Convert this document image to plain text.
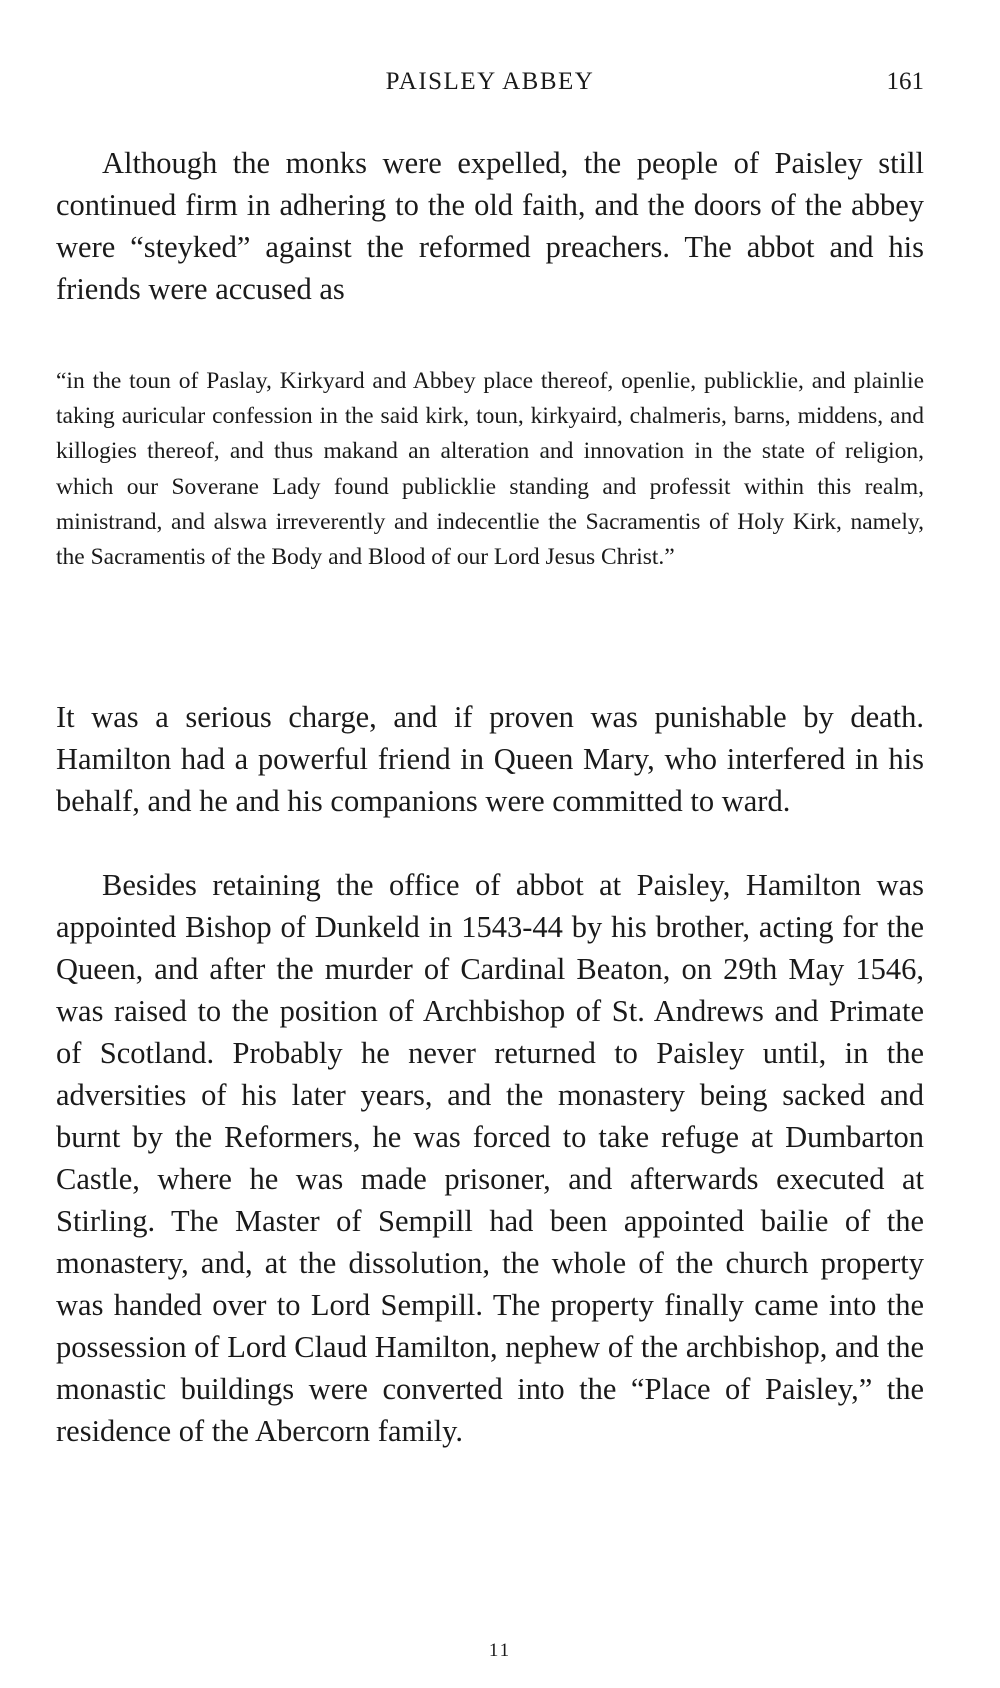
PAISLEY ABBEY	161

Although the monks were expelled, the people of Paisley still continued firm in adhering to the old faith, and the doors of the abbey were “steyked” against the reformed preachers. The abbot and his friends were accused as

“in the toun of Paslay, Kirkyard and Abbey place thereof, openlie, publicklie, and plainlie taking auricular confession in the said kirk, toun, kirkyaird, chalmeris, barns, middens, and killogies thereof, and thus makand an alteration and innovation in the state of religion, which our Soverane Lady found publicklie standing and professit within this realm, ministrand, and alswa irreverently and indecentlie the Sacramentis of Holy Kirk, namely, the Sacramentis of the Body and Blood of our Lord Jesus Christ.”

It was a serious charge, and if proven was punishable by death. Hamilton had a powerful friend in Queen Mary, who interfered in his behalf, and he and his companions were committed to ward.

Besides retaining the office of abbot at Paisley, Hamilton was appointed Bishop of Dunkeld in 1543-44 by his brother, acting for the Queen, and after the murder of Cardinal Beaton, on 29th May 1546, was raised to the position of Archbishop of St. Andrews and Primate of Scotland. Probably he never returned to Paisley until, in the adversities of his later years, and the monastery being sacked and burnt by the Reformers, he was forced to take refuge at Dumbarton Castle, where he was made prisoner, and afterwards executed at Stirling. The Master of Sempill had been appointed bailie of the monastery, and, at the dissolution, the whole of the church property was handed over to Lord Sempill. The property finally came into the possession of Lord Claud Hamilton, nephew of the archbishop, and the monastic buildings were converted into the “Place of Paisley,” the residence of the Abercorn family.

11
